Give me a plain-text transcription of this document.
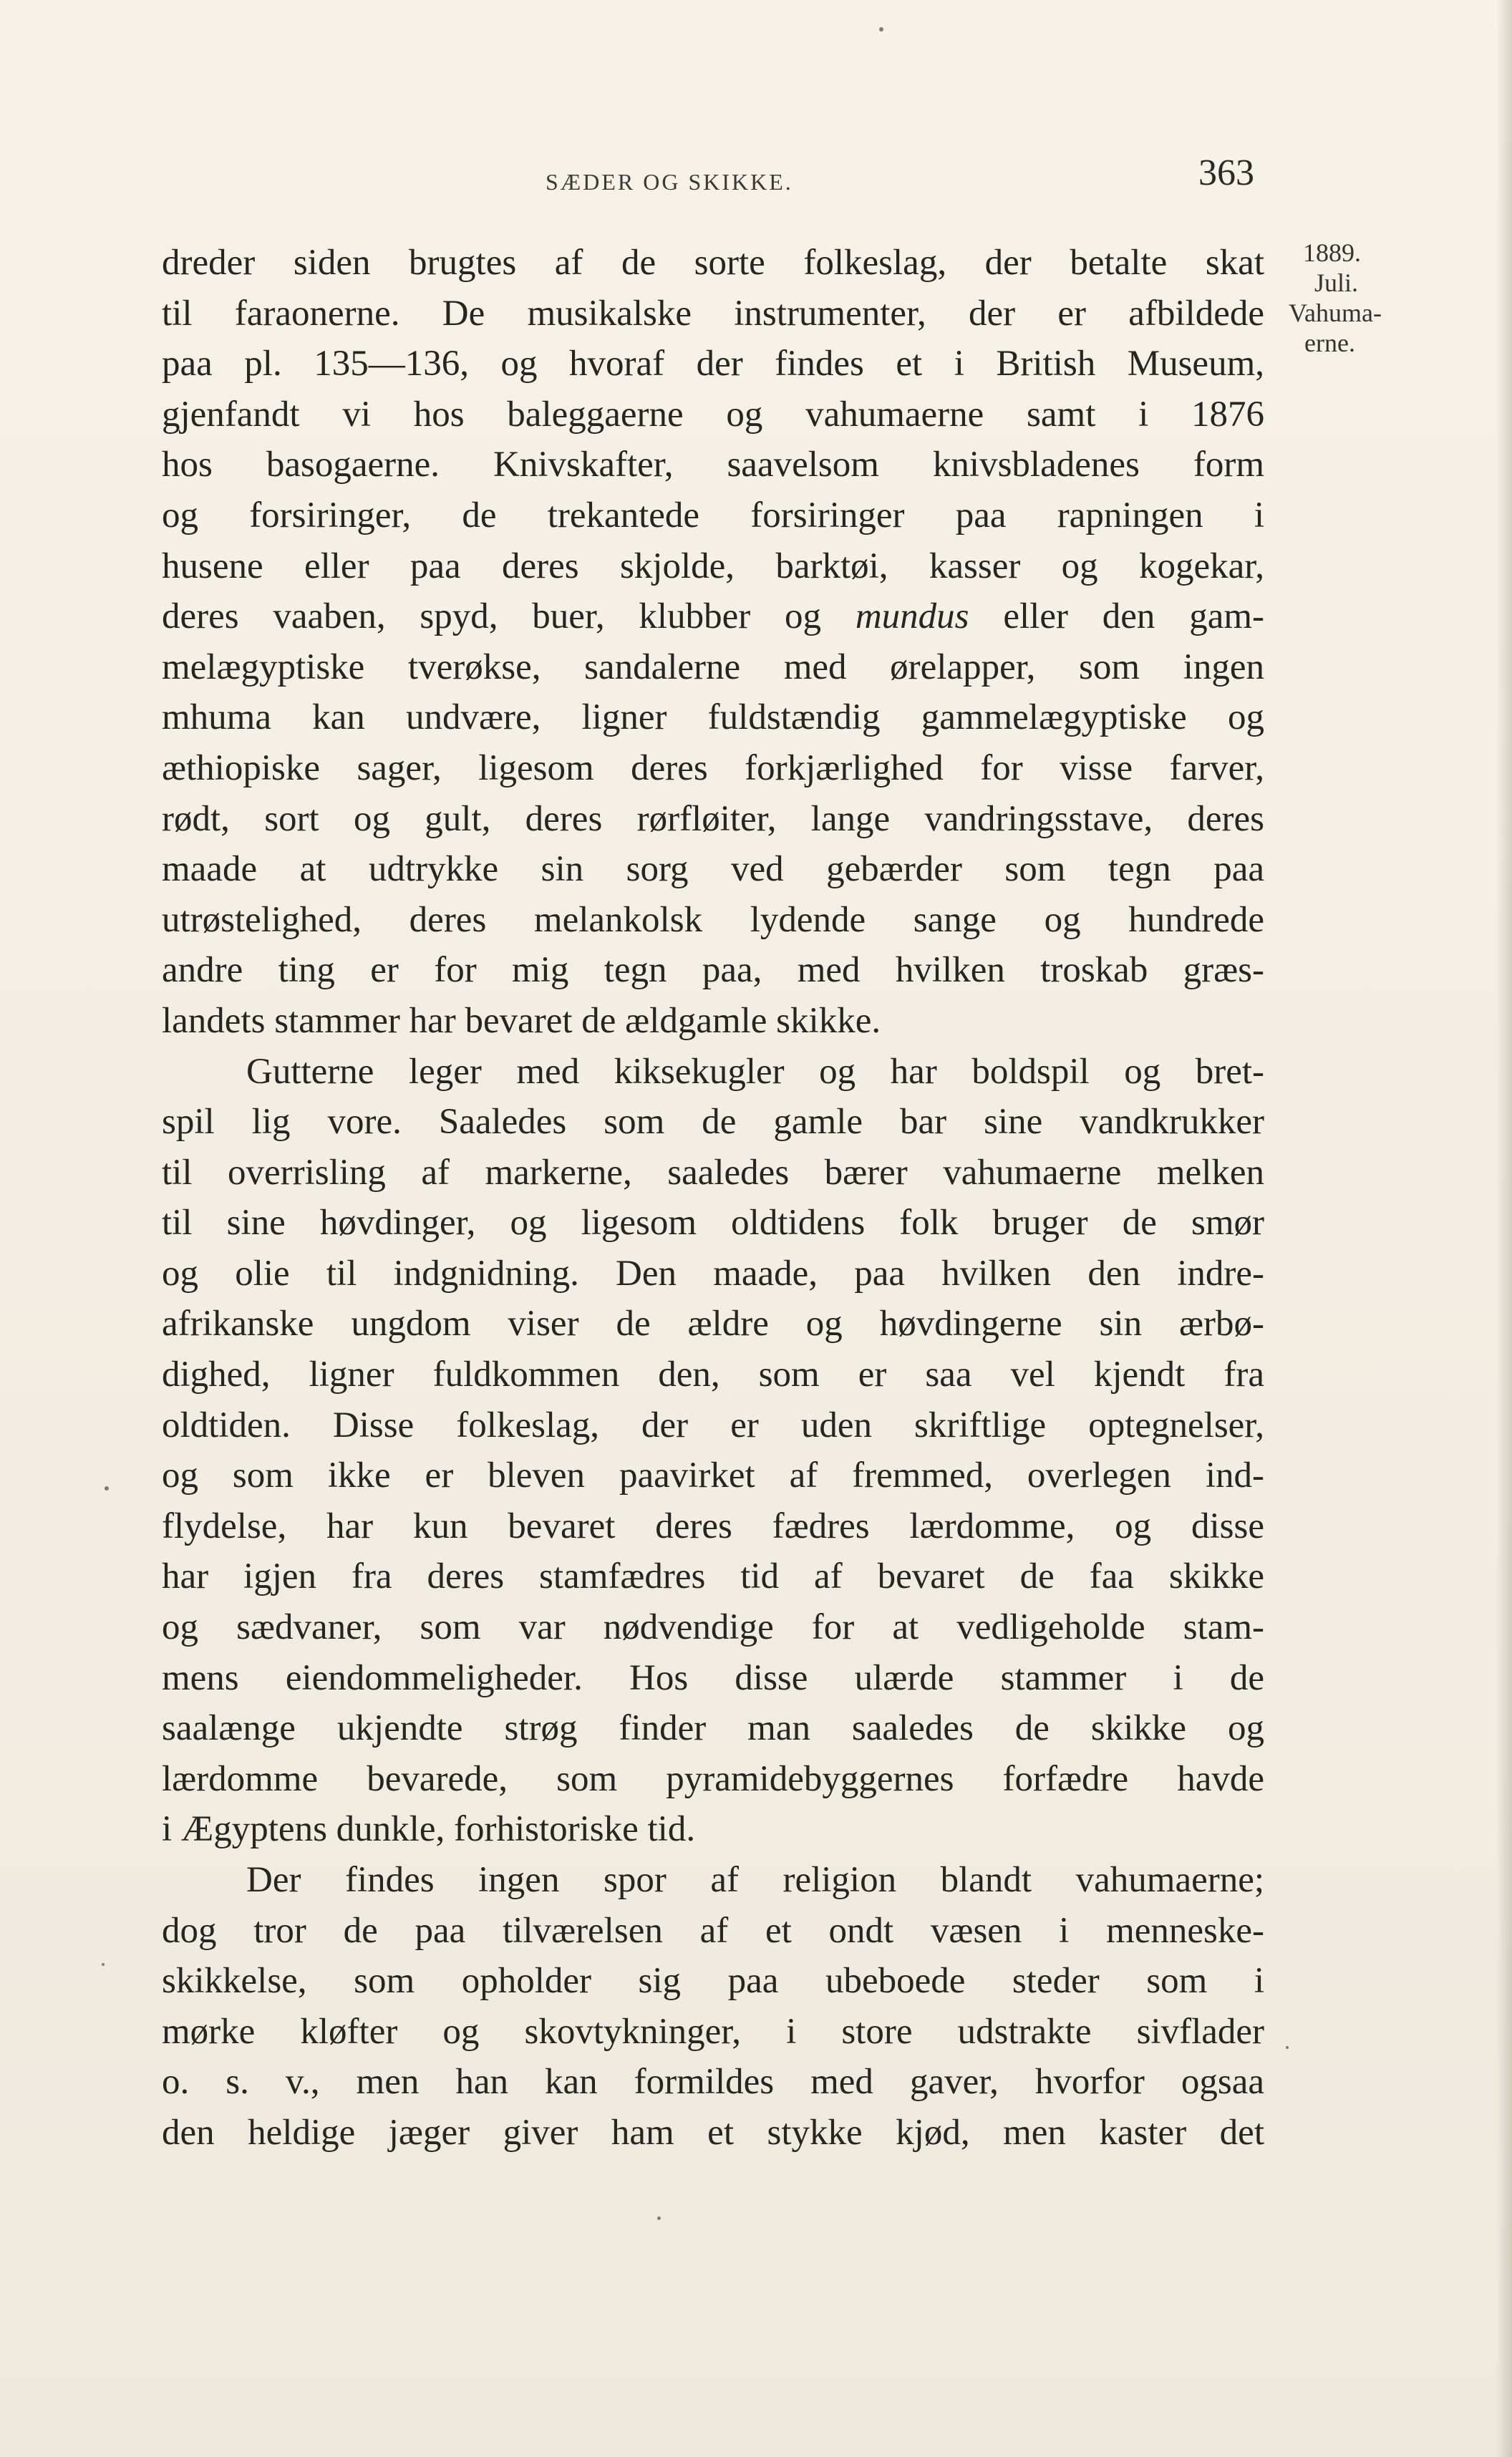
SÆDER OG SKIKKE.	363
1889.
Juli.
Vahuma-
erne.
dreder siden brugtes af de sorte folkeslag, der betalte skat
til faraonerne. De musikalske instrumenter, der er afbildede
paa pl. 135—136, og hvoraf der findes et i British Museum,
gjenfandt vi hos baleggaerne og vahumaerne samt i 1876
hos basogaerne. Knivskafter, saavelsom knivsbladenes form
og forsiringer, de trekantede forsiringer paa rapningen i
husene eller paa deres skjolde, barktøi, kasser og kogekar,
deres vaaben, spyd, buer, klubber og mundus eller den gam-
melægyptiske tverøkse, sandalerne med ørelapper, som ingen
mhuma kan undvære, ligner fuldstændig gammelægyptiske og
æthiopiske sager, ligesom deres forkjærlighed for visse farver,
rødt, sort og gult, deres rørfløiter, lange vandringsstave, deres
maade at udtrykke sin sorg ved gebærder som tegn paa
utrøstelighed, deres melankolsk lydende sange og hundrede
andre ting er for mig tegn paa, med hvilken troskab græs-
landets stammer har bevaret de ældgamle skikke.
Gutterne leger med kiksekugler og har boldspil og bret-
spil lig vore. Saaledes som de gamle bar sine vandkrukker
til overrisling af markerne, saaledes bærer vahumaerne melken
til sine høvdinger, og ligesom oldtidens folk bruger de smør
og olie til indgnidning. Den maade, paa hvilken den indre-
afrikanske ungdom viser de ældre og høvdingerne sin ærbø-
dighed, ligner fuldkommen den, som er saa vel kjendt fra
oldtiden. Disse folkeslag, der er uden skriftlige optegnelser,
og som ikke er bleven paavirket af fremmed, overlegen ind-
flydelse, har kun bevaret deres fædres lærdomme, og disse
har igjen fra deres stamfædres tid af bevaret de faa skikke
og sædvaner, som var nødvendige for at vedligeholde stam-
mens eiendommeligheder. Hos disse ulærde stammer i de
saalænge ukjendte strøg finder man saaledes de skikke og
lærdomme bevarede, som pyramidebyggernes forfædre havde
i Ægyptens dunkle, forhistoriske tid.
Der findes ingen spor af religion blandt vahumaerne;
dog tror de paa tilværelsen af et ondt væsen i menneske-
skikkelse, som opholder sig paa ubeboede steder som i
mørke kløfter og skovtykninger, i store udstrakte sivflader
o. s. v., men han kan formildes med gaver, hvorfor ogsaa
den heldige jæger giver ham et stykke kjød, men kaster det
